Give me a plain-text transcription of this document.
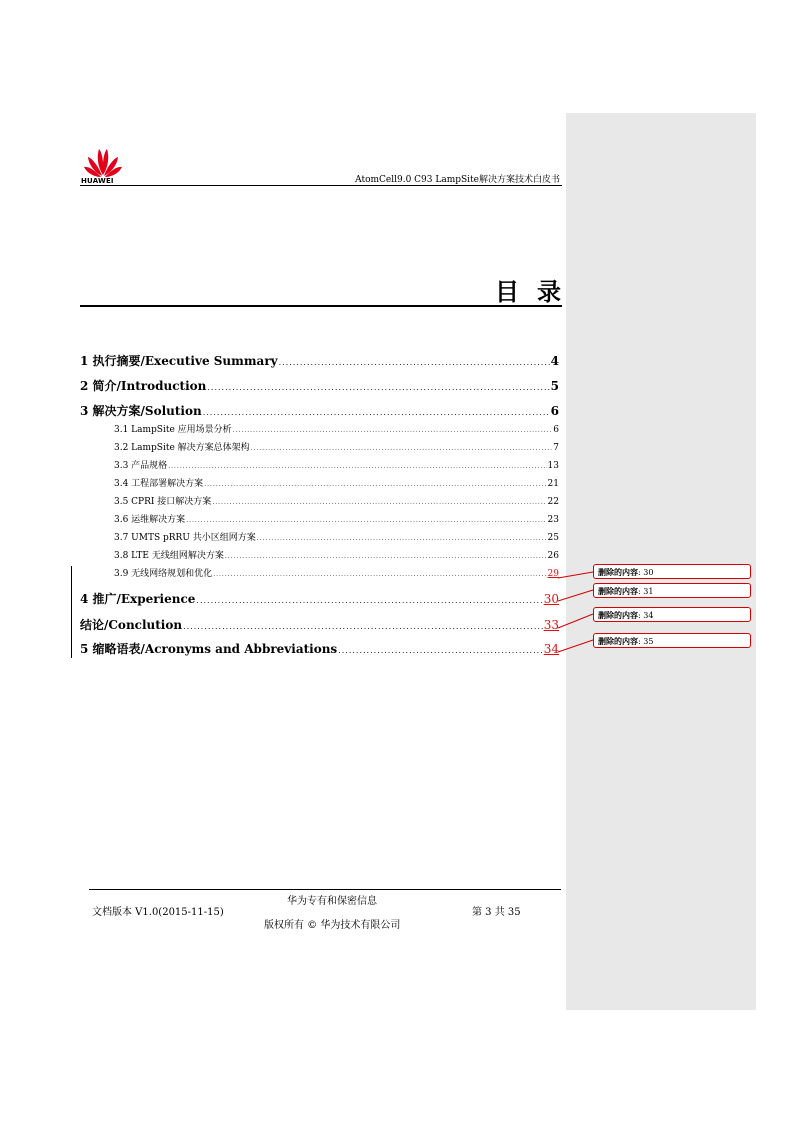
HUAWEI	AtomCell9.0 C93 LampSite解决方案技术白皮书
目录
1 执行摘要/Executive Summary .....	4
2 简介/Introduction .....	5
3 解决方案/Solution .....	6
3.1 LampSite 应用场景分析 .....	6
3.2 LampSite 解决方案总体架构 .....	7
3.3 产品规格 .....	13
3.4 工程部署解决方案 .....	21
3.5 CPRI 接口解决方案 .....	22
3.6 运维解决方案 .....	23
3.7 UMTS pRRU 共小区组网方案 .....	25
3.8 LTE 无线组网解决方案 .....	26
3.9 无线网络规划和优化 .....	29
4 推广/Experience .....	30
结论/Conclution .....	33
5 缩略语表/Acronyms and Abbreviations .....	34
删除的内容: 30
删除的内容: 31
删除的内容: 34
删除的内容: 35
华为专有和保密信息
文档版本 V1.0(2015-11-15)	第 3 共 35
版权所有 © 华为技术有限公司
